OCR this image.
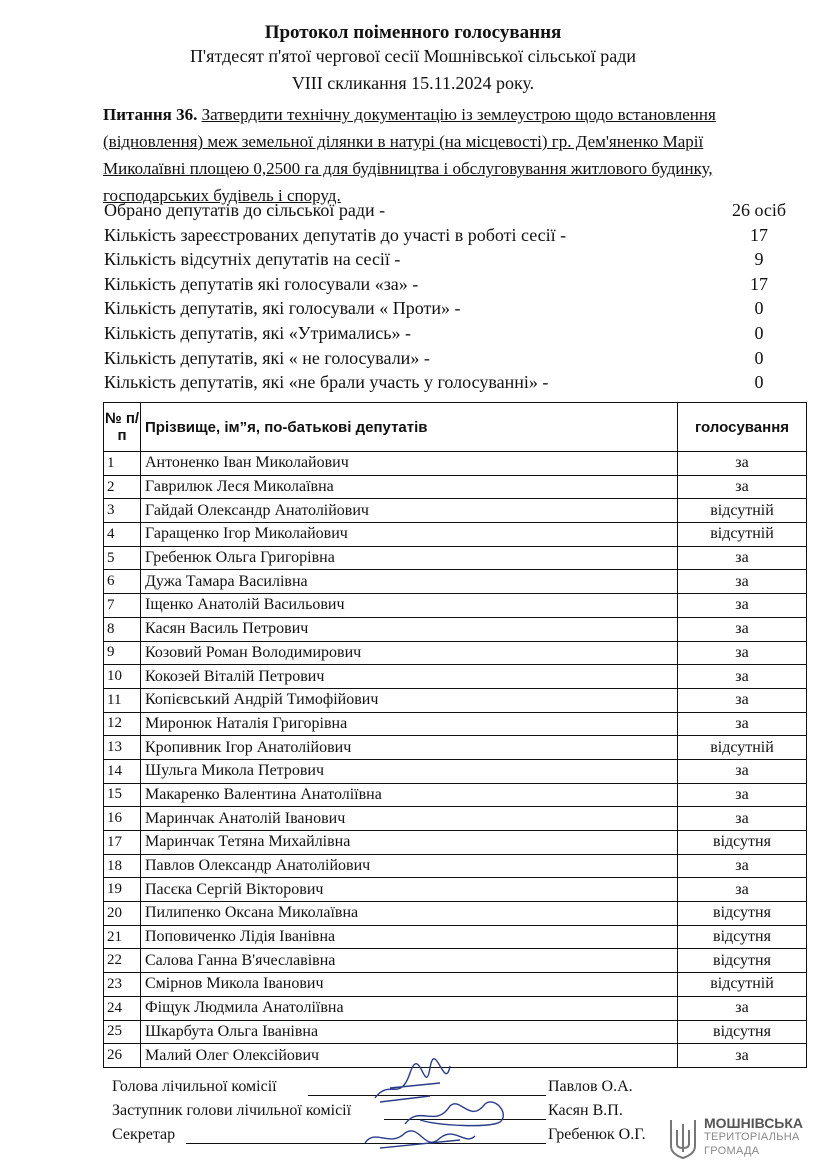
Протокол поіменного голосування
П'ятдесят п'ятої чергової сесії Мошнівської сільської ради
VIII скликання 15.11.2024 року.
Питання 36. Затвердити технічну документацію із землеустрою щодо встановлення (відновлення) меж земельної ділянки в натурі (на місцевості) гр. Дем'яненко Марії Миколаївні площею 0,2500 га для будівництва і обслуговування житлового будинку, господарських будівель і споруд.
Обрано депутатів до сільської ради -	26 осіб
Кількість зареєстрованих депутатів до участі в роботі сесії -	17
Кількість відсутніх депутатів на сесії -	9
Кількість депутатів які голосували «за» -	17
Кількість депутатів, які голосували « Проти» -	0
Кількість депутатів, які «Утримались» -	0
Кількість депутатів, які « не голосували» -	0
Кількість депутатів, які «не брали участь у голосуванні» -	0
№ п/п	Прізвище, ім”я, по-батькові депутатів	голосування
1	Антоненко Іван Миколайович	за
2	Гаврилюк Леся Миколаївна	за
3	Гайдай Олександр Анатолійович	відсутній
4	Гаращенко Ігор Миколайович	відсутній
5	Гребенюк Ольга Григорівна	за
6	Дужа Тамара Василівна	за
7	Іщенко Анатолій Васильович	за
8	Касян Василь Петрович	за
9	Козовий Роман Володимирович	за
10	Кокозей Віталій Петрович	за
11	Копієвський Андрій Тимофійович	за
12	Миронюк Наталія Григорівна	за
13	Кропивник Ігор Анатолійович	відсутній
14	Шульга Микола Петрович	за
15	Макаренко Валентина Анатоліївна	за
16	Маринчак Анатолій Іванович	за
17	Маринчак Тетяна Михайлівна	відсутня
18	Павлов Олександр Анатолійович	за
19	Пасєка Сергій Вікторович	за
20	Пилипенко Оксана Миколаївна	відсутня
21	Поповиченко Лідія Іванівна	відсутня
22	Салова Ганна В'ячеславівна	відсутня
23	Смірнов Микола Іванович	відсутній
24	Фіщук Людмила Анатоліївна	за
25	Шкарбута Ольга Іванівна	відсутня
26	Малий Олег Олексійович	за
Голова лічильної комісії	Павлов О.А.
Заступник голови лічильної комісії	Касян В.П.
Секретар	Гребенюк О.Г.
МОШНІВСЬКА
ТЕРИТОРІАЛЬНА
ГРОМАДА
